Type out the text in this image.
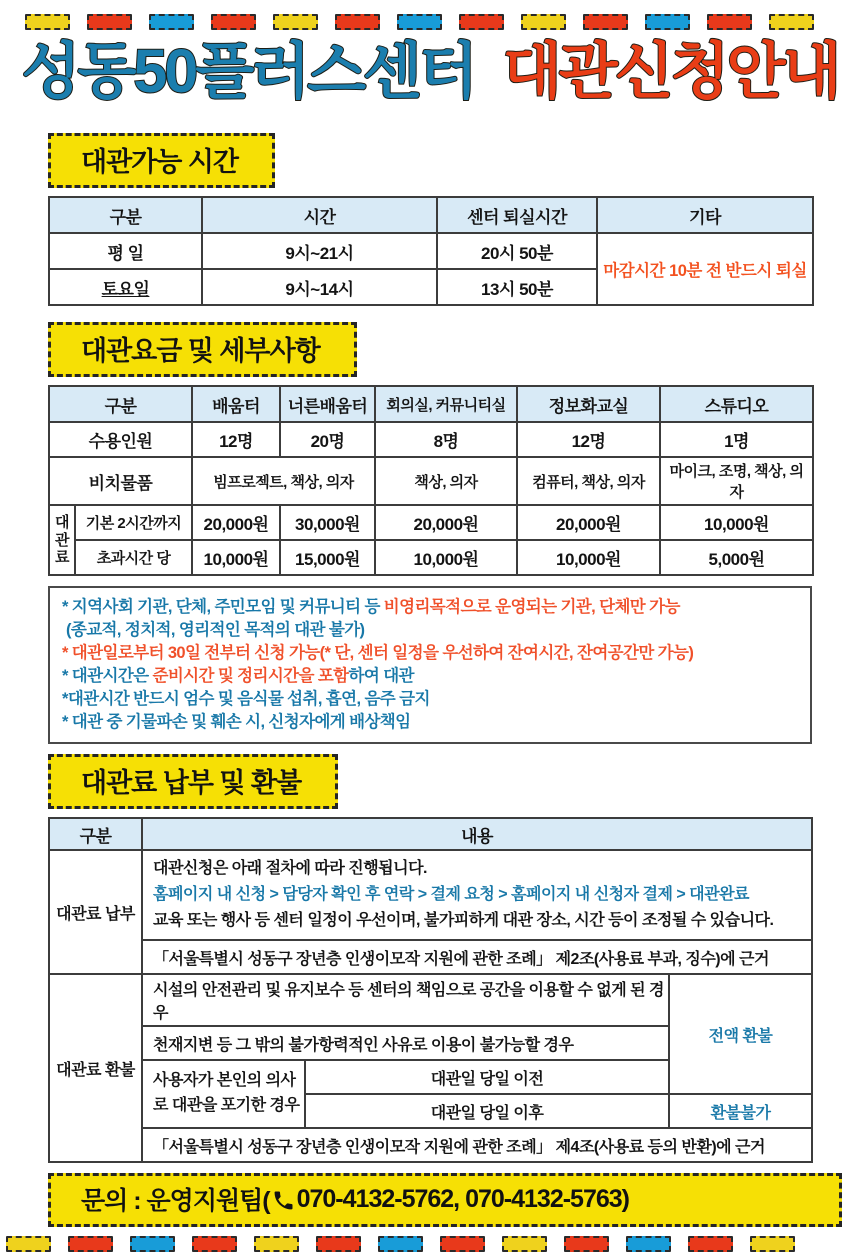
성동50플러스센터 대관신청안내
대관가능 시간
구분	시간	센터 퇴실시간	기타
평 일	9시~21시	20시 50분	마감시간 10분 전 반드시 퇴실
토요일	9시~14시	13시 50분	
대관요금 및 세부사항
구분		배움터	너른배움터	회의실, 커뮤니티실	정보화교실	스튜디오
수용인원		12명	20명	8명	12명	1명
비치물품		빔프로젝트, 책상, 의자		책상, 의자	컴퓨터, 책상, 의자	마이크, 조명, 책상, 의자
대관료	기본 2시간까지	20,000원	30,000원	20,000원	20,000원	10,000원
	초과시간 당	10,000원	15,000원	10,000원	10,000원	5,000원
* 지역사회 기관, 단체, 주민모임 및 커뮤니티 등 비영리목적으로 운영되는 기관, 단체만 가능
(종교적, 정치적, 영리적인 목적의 대관 불가)
* 대관일로부터 30일 전부터 신청 가능(* 단, 센터 일정을 우선하여 잔여시간, 잔여공간만 가능)
* 대관시간은 준비시간 및 정리시간을 포함하여 대관
*대관시간 반드시 엄수 및 음식물 섭취, 흡연, 음주 금지
* 대관 중 기물파손 및 훼손 시, 신청자에게 배상책임
대관료 납부 및 환불
구분	내용		
대관료 납부	대관신청은 아래 절차에 따라 진행됩니다.
홈페이지 내 신청 > 담당자 확인 후 연락 > 결제 요청 > 홈페이지 내 신청자 결제 > 대관완료
교육 또는 행사 등 센터 일정이 우선이며, 불가피하게 대관 장소, 시간 등이 조정될 수 있습니다.		

	「서울특별시 성동구 장년층 인생이모작 지원에 관한 조례」 제2조(사용료 부과, 징수)에 근거		
대관료 환불	시설의 안전관리 및 유지보수 등 센터의 책임으로 공간을 이용할 수 없게 된 경우		전액 환불
	천재지변 등 그 밖의 불가항력적인 사유로 이용이 불가능할 경우		
	사용자가 본인의 의사로 대관을 포기한 경우	대관일 당일 이전	
		대관일 당일 이후	환불불가
	「서울특별시 성동구 장년층 인생이모작 지원에 관한 조례」 제4조(사용료 등의 반환)에 근거		
문의 : 운영지원팀( 070-4132-5762, 070-4132-5763 )
